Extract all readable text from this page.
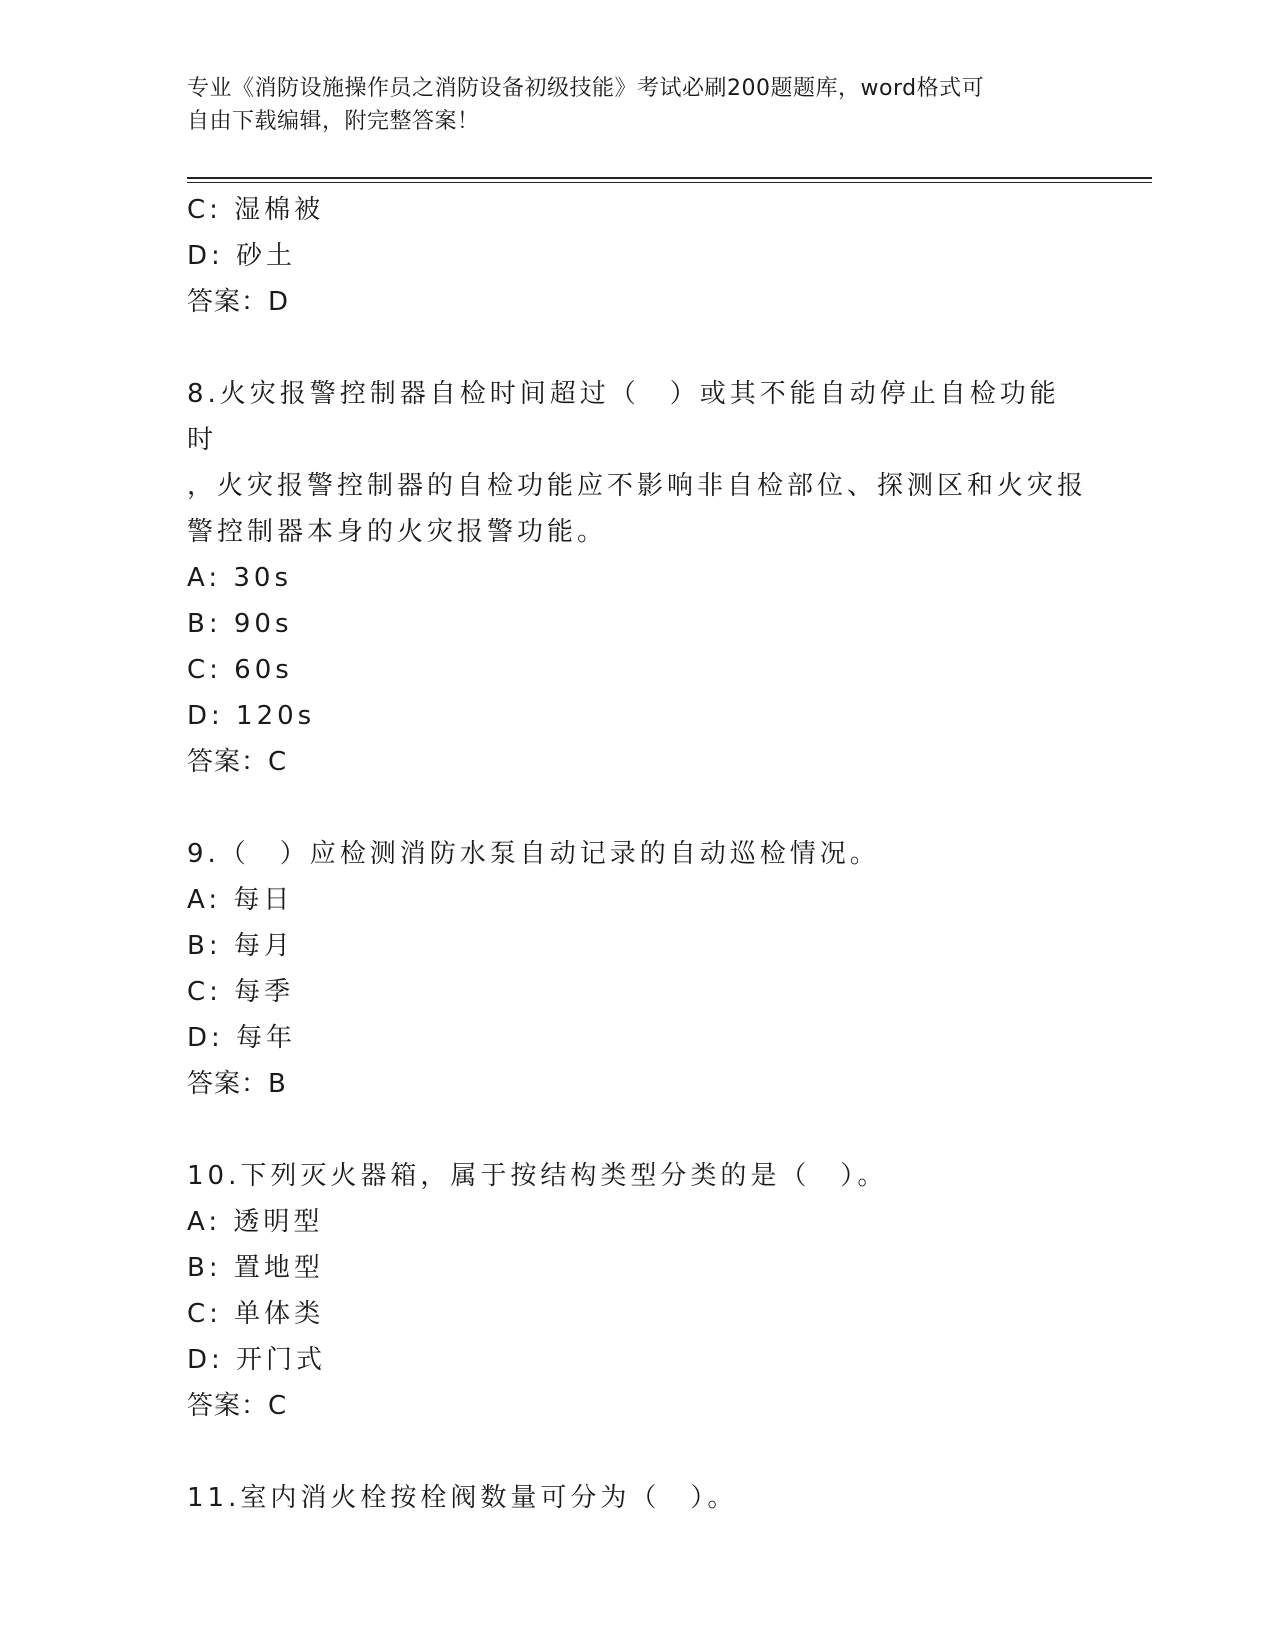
专业《消防设施操作员之消防设备初级技能》考试必刷200题题库，word格式可
自由下载编辑，附完整答案！
C: 湿棉被
D: 砂土
答案：D
8.火灾报警控制器自检时间超过（　）或其不能自动停止自检功能时
，火灾报警控制器的自检功能应不影响非自检部位、探测区和火灾报
警控制器本身的火灾报警功能。
A: 30s
B: 90s
C: 60s
D: 120s
答案：C
9.（　）应检测消防水泵自动记录的自动巡检情况。
A: 每日
B: 每月
C: 每季
D: 每年
答案：B
10.下列灭火器箱，属于按结构类型分类的是（　）。
A: 透明型
B: 置地型
C: 单体类
D: 开门式
答案：C
11.室内消火栓按栓阀数量可分为（　）。
